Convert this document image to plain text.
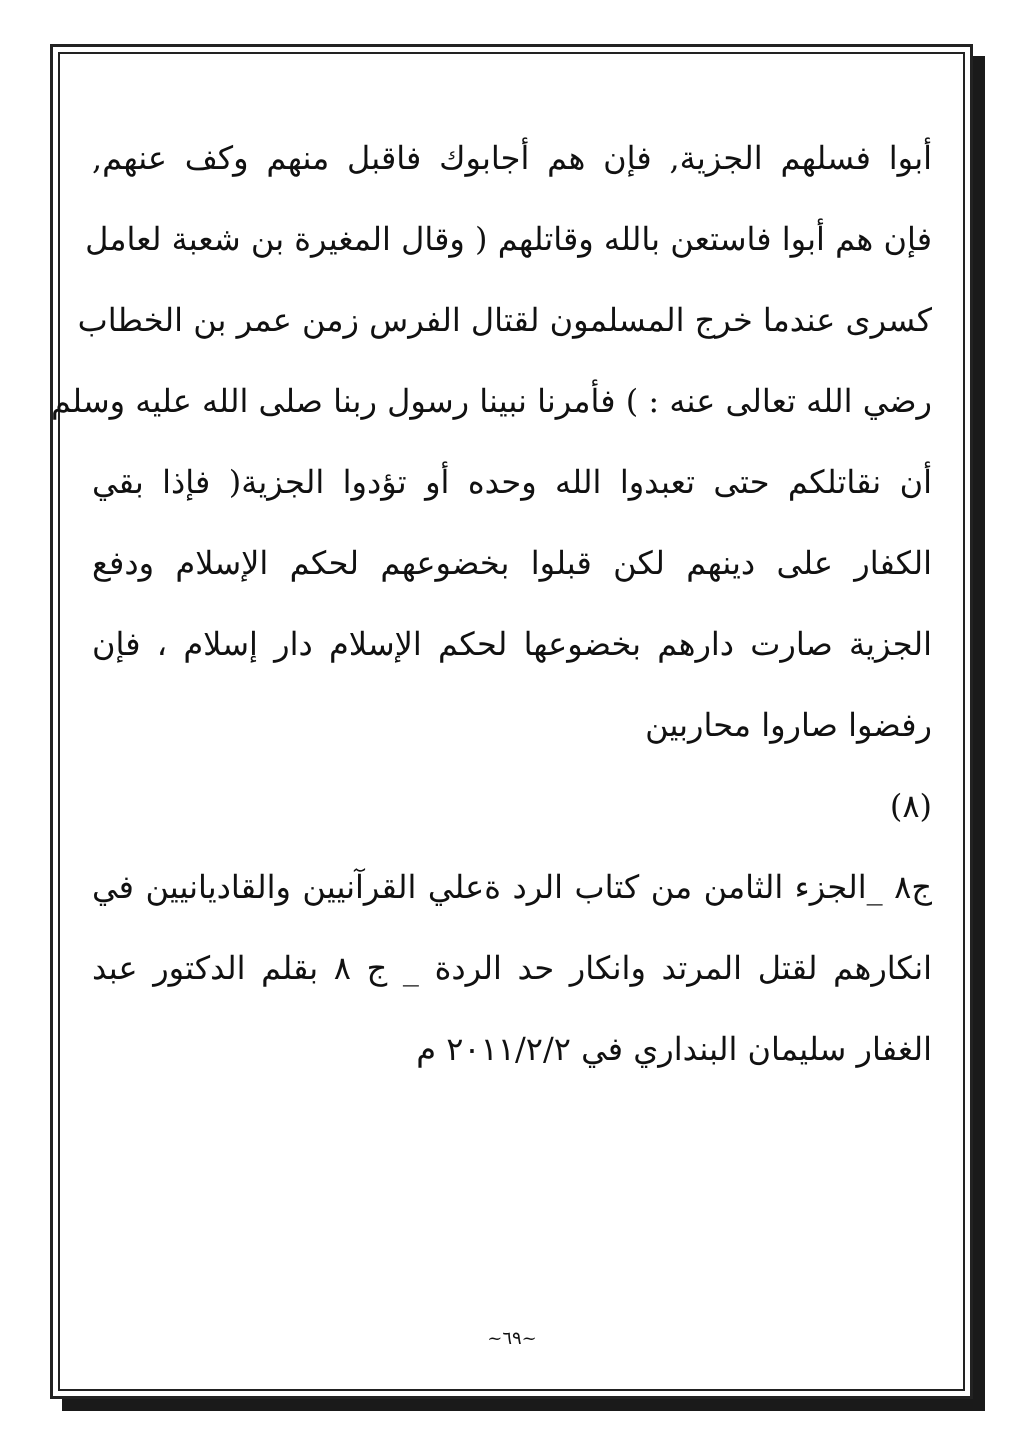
أبوا فسلهم الجزية, فإن هم أجابوك فاقبل منهم وكف عنهم,
فإن هم أبوا فاستعن بالله وقاتلهم ( وقال المغيرة بن شعبة لعامل
كسرى عندما خرج المسلمون لقتال الفرس زمن عمر بن الخطاب
رضي الله تعالى عنه : ) فأمرنا نبينا رسول ربنا صلى الله عليه وسلم
أن نقاتلكم حتى تعبدوا الله وحده أو تؤدوا الجزية( فإذا بقي
الكفار على دينهم لكن قبلوا بخضوعهم لحكم الإسلام ودفع
الجزية صارت دارهم بخضوعها لحكم الإسلام دار إسلام ، فإن
رفضوا صاروا محاربين
(٨)
ج٨ _الجزء الثامن من كتاب الرد ةعلي القرآنيين والقاديانيين في
انكارهم لقتل المرتد وانكار حد الردة _ ج ٨ بقلم الدكتور عبد
الغفار سليمان البنداري في ٢٠١١/٢/٢ م
~٦٩~
